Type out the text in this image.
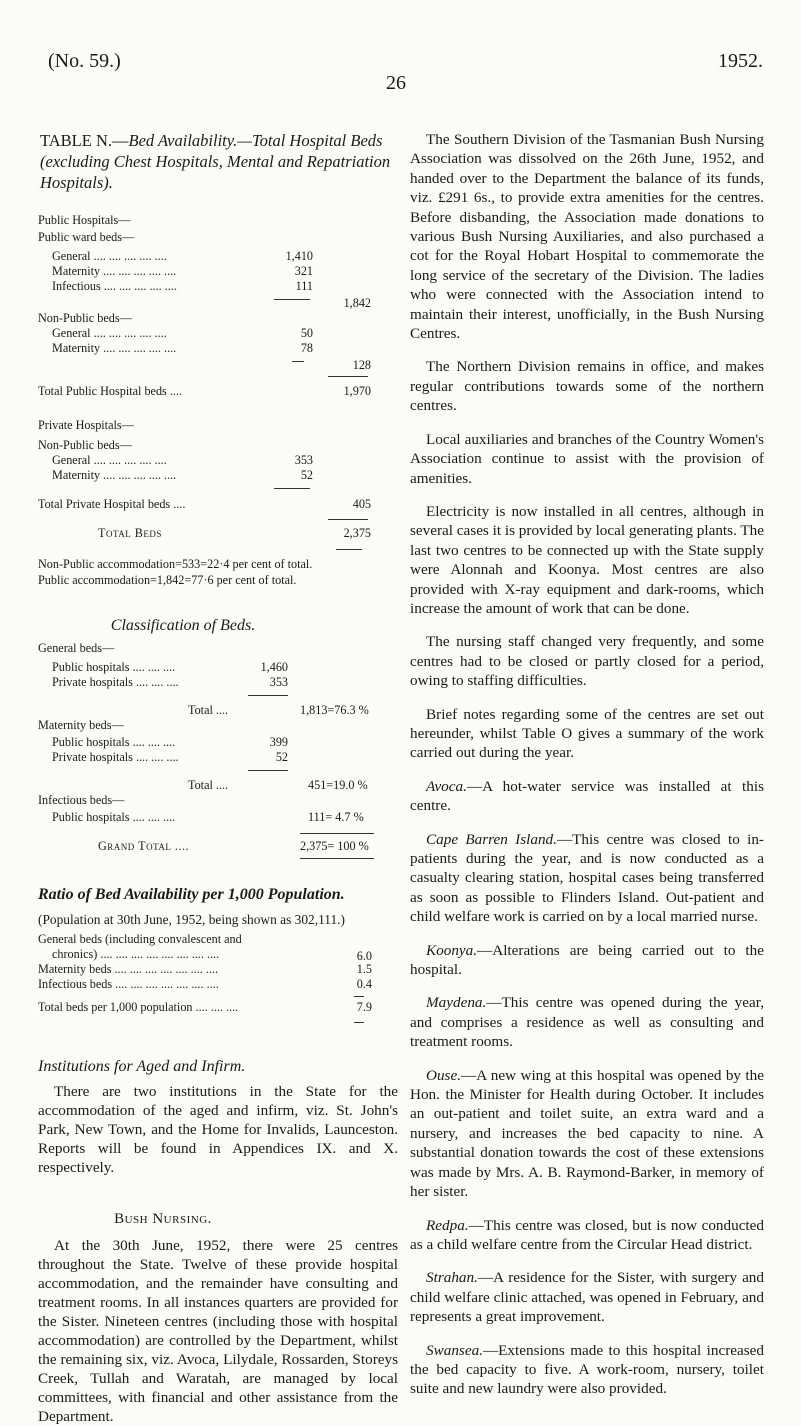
(No. 59.)
26
1952.

TABLE N.—Bed Availability.—Total Hospital Beds (excluding Chest Hospitals, Mental and Repatriation Hospitals).

Public Hospitals—
Public ward beds—
General .... .... .... .... ....	1,410
Maternity .... .... .... .... ....	321
Infectious .... .... .... .... ....	111
1,842
Non-Public beds—
General .... .... .... .... ....	50
Maternity .... .... .... .... ....	78
128
Total Public Hospital beds ....	1,970
Private Hospitals—
Non-Public beds—
General .... .... .... .... ....	353
Maternity .... .... .... .... ....	52
Total Private Hospital beds ....	405
Total Beds	2,375
Non-Public accommodation=533=22·4 per cent of total.
Public accommodation=1,842=77·6 per cent of total.

Classification of Beds.

General beds—
Public hospitals .... .... ....	1,460
Private hospitals .... .... ....	353
Total ....	1,813=76.3 %
Maternity beds—
Public hospitals .... .... ....	399
Private hospitals .... .... ....	52
Total ....	451=19.0 %
Infectious beds—
Public hospitals .... .... ....	111= 4.7 %
Grand Total ....	2,375= 100 %
Ratio of Bed Availability per 1,000 Population.
(Population at 30th June, 1952, being shown as 302,111.)
General beds (including convalescent and
chronics) .... .... .... .... .... .... .... ....	6.0
Maternity beds .... .... .... .... .... .... ....	1.5
Infectious beds .... .... .... .... .... .... ....	0.4
Total beds per 1,000 population .... .... ....	7.9
Institutions for Aged and Infirm.

There are two institutions in the State for the accommodation of the aged and infirm, viz. St. John's Park, New Town, and the Home for Invalids, Launceston. Reports will be found in Appendices IX. and X. respectively.

Bush Nursing.

At the 30th June, 1952, there were 25 centres throughout the State. Twelve of these provide hospital accommodation, and the remainder have consulting and treatment rooms. In all instances quarters are provided for the Sister. Nineteen centres (including those with hospital accommodation) are controlled by the Department, whilst the remaining six, viz. Avoca, Lilydale, Rossarden, Storeys Creek, Tullah and Waratah, are managed by local committees, with financial and other assistance from the Department.

The Southern Division of the Tasmanian Bush Nursing Association was dissolved on the 26th June, 1952, and handed over to the Department the balance of its funds, viz. £291 6s., to provide extra amenities for the centres. Before disbanding, the Association made donations to various Bush Nursing Auxiliaries, and also purchased a cot for the Royal Hobart Hospital to commemorate the long service of the secretary of the Division. The ladies who were connected with the Association intend to maintain their interest, unofficially, in the Bush Nursing Centres.

The Northern Division remains in office, and makes regular contributions towards some of the northern centres.

Local auxiliaries and branches of the Country Women's Association continue to assist with the provision of amenities.

Electricity is now installed in all centres, although in several cases it is provided by local generating plants. The last two centres to be connected up with the State supply were Alonnah and Koonya. Most centres are also provided with X-ray equipment and dark-rooms, which increase the amount of work that can be done.

The nursing staff changed very frequently, and some centres had to be closed or partly closed for a period, owing to staffing difficulties.

Brief notes regarding some of the centres are set out hereunder, whilst Table O gives a summary of the work carried out during the year.

Avoca.—A hot-water service was installed at this centre.

Cape Barren Island.—This centre was closed to in-patients during the year, and is now conducted as a casualty clearing station, hospital cases being transferred as soon as possible to Flinders Island. Out-patient and child welfare work is carried on by a local married nurse.

Koonya.—Alterations are being carried out to the hospital.

Maydena.—This centre was opened during the year, and comprises a residence as well as consulting and treatment rooms.

Ouse.—A new wing at this hospital was opened by the Hon. the Minister for Health during October. It includes an out-patient and toilet suite, an extra ward and a nursery, and increases the bed capacity to nine. A substantial donation towards the cost of these extensions was made by Mrs. A. B. Raymond-Barker, in memory of her sister.

Redpa.—This centre was closed, but is now conducted as a child welfare centre from the Circular Head district.

Strahan.—A residence for the Sister, with surgery and child welfare clinic attached, was opened in February, and represents a great improvement.

Swansea.—Extensions made to this hospital increased the bed capacity to five. A work-room, nursery, toilet suite and new laundry were also provided.
